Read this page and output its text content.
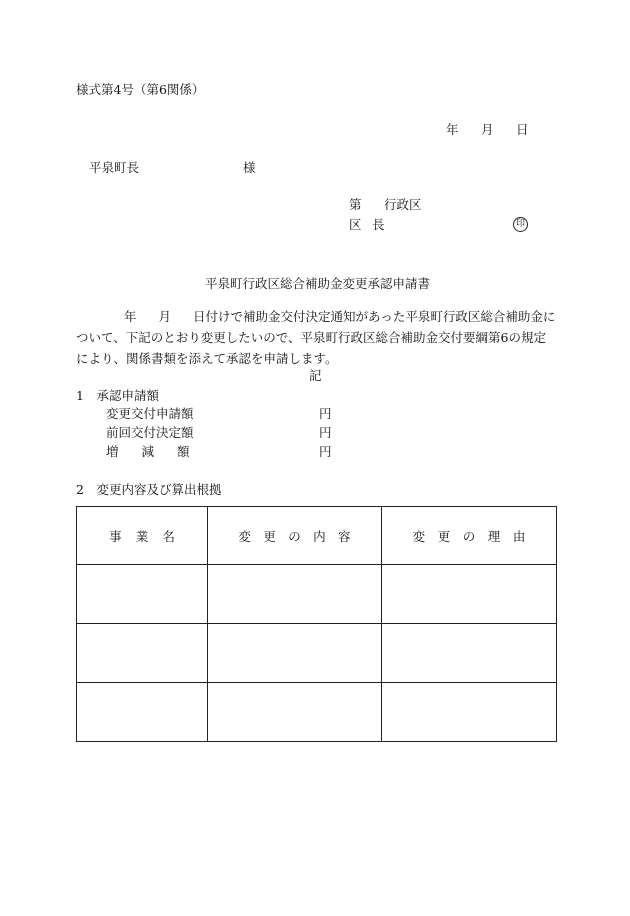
様式第4号（第6関係）
年 月 日
平泉町長	様
第 行政区
区 長	印
平泉町行政区総合補助金変更承認申請書
年 月 日付けで補助金交付決定通知があった平泉町行政区総合補助金について、下記のとおり変更したいので、平泉町行政区総合補助金交付要綱第6の規定により、関係書類を添えて承認を申請します。
記
1　承認申請額
変更交付申請額	円
前回交付決定額	円
増 減 額	円
2　変更内容及び算出根拠
事 業 名	変 更 の 内 容	変 更 の 理 由
